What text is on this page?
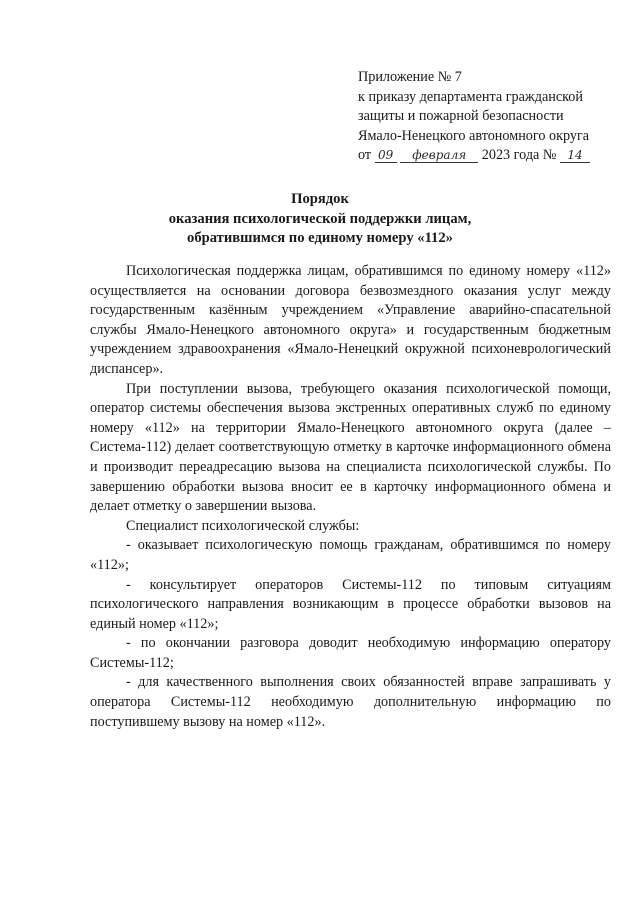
Приложение № 7
к приказу департамента гражданской
защиты и пожарной безопасности
Ямало-Ненецкого автономного округа
от 09 февраля 2023 года № 14
Порядок
оказания психологической поддержки лицам,
обратившимся по единому номеру «112»

Психологическая поддержка лицам, обратившимся по единому номеру «112» осуществляется на основании договора безвозмездного оказания услуг между государственным казённым учреждением «Управление аварийно-спасательной службы Ямало-Ненецкого автономного округа» и государственным бюджетным учреждением здравоохранения «Ямало-Ненецкий окружной психоневрологический диспансер».

При поступлении вызова, требующего оказания психологической помощи, оператор системы обеспечения вызова экстренных оперативных служб по единому номеру «112» на территории Ямало-Ненецкого автономного округа (далее – Система-112) делает соответствующую отметку в карточке информационного обмена и производит переадресацию вызова на специалиста психологической службы. По завершению обработки вызова вносит ее в карточку информационного обмена и делает отметку о завершении вызова.

Специалист психологической службы:

- оказывает психологическую помощь гражданам, обратившимся по номеру «112»;

- консультирует операторов Системы-112 по типовым ситуациям психологического направления возникающим в процессе обработки вызовов на единый номер «112»;

- по окончании разговора доводит необходимую информацию оператору Системы-112;

- для качественного выполнения своих обязанностей вправе запрашивать у оператора Системы-112 необходимую дополнительную информацию по поступившему вызову на номер «112».
